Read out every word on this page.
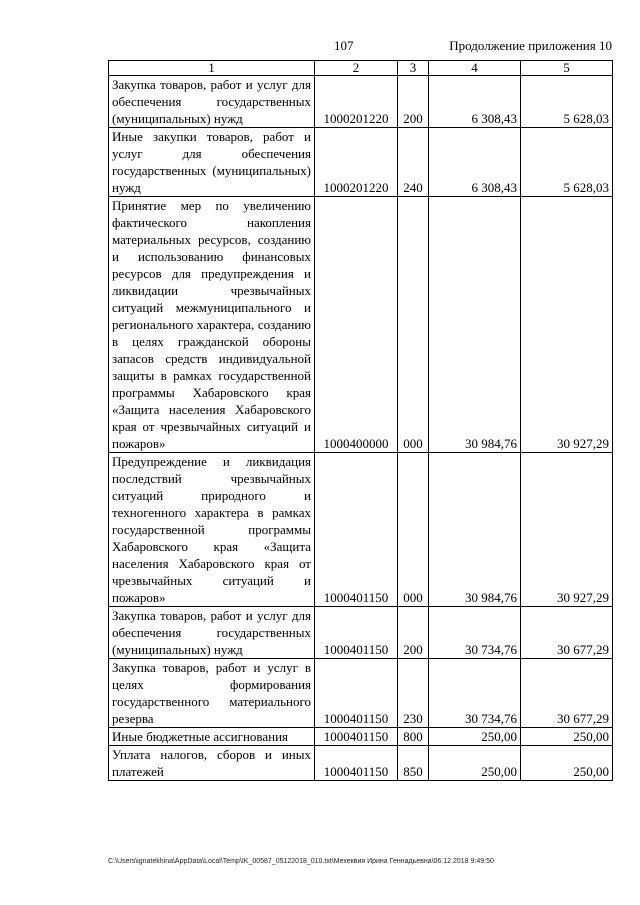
107	Продолжение приложения 10
1	2	3	4	5
Закупка товаров, работ и услуг для обеспечения государственных (муниципальных) нужд	1000201220	200	6 308,43	5 628,03
Иные закупки товаров, работ и услуг для обеспечения государственных (муниципальных) нужд	1000201220	240	6 308,43	5 628,03
Принятие мер по увеличению фактического накопления материальных ресурсов, созданию и использованию финансовых ресурсов для предупреждения и ликвидации чрезвычайных ситуаций межмуниципального и регионального характера, созданию в целях гражданской обороны запасов средств индивидуальной защиты в рамках государственной программы Хабаровского края «Защита населения Хабаровского края от чрезвычайных ситуаций и пожаров»	1000400000	000	30 984,76	30 927,29
Предупреждение и ликвидация последствий чрезвычайных ситуаций природного и техногенного характера в рамках государственной программы Хабаровского края «Защита населения Хабаровского края от чрезвычайных ситуаций и пожаров»	1000401150	000	30 984,76	30 927,29
Закупка товаров, работ и услуг для обеспечения государственных (муниципальных) нужд	1000401150	200	30 734,76	30 677,29
Закупка товаров, работ и услуг в целях формирования государственного материального резерва	1000401150	230	30 734,76	30 677,29
Иные бюджетные ассигнования	1000401150	800	250,00	250,00
Уплата налогов, сборов и иных платежей	1000401150	850	250,00	250,00
C:\Users\ignatekhina\AppData\Local\Temp\IK_00587_05122018_010.txt\Мехеквия Ирина Геннадьевна\06.12.2018 9:49:50
